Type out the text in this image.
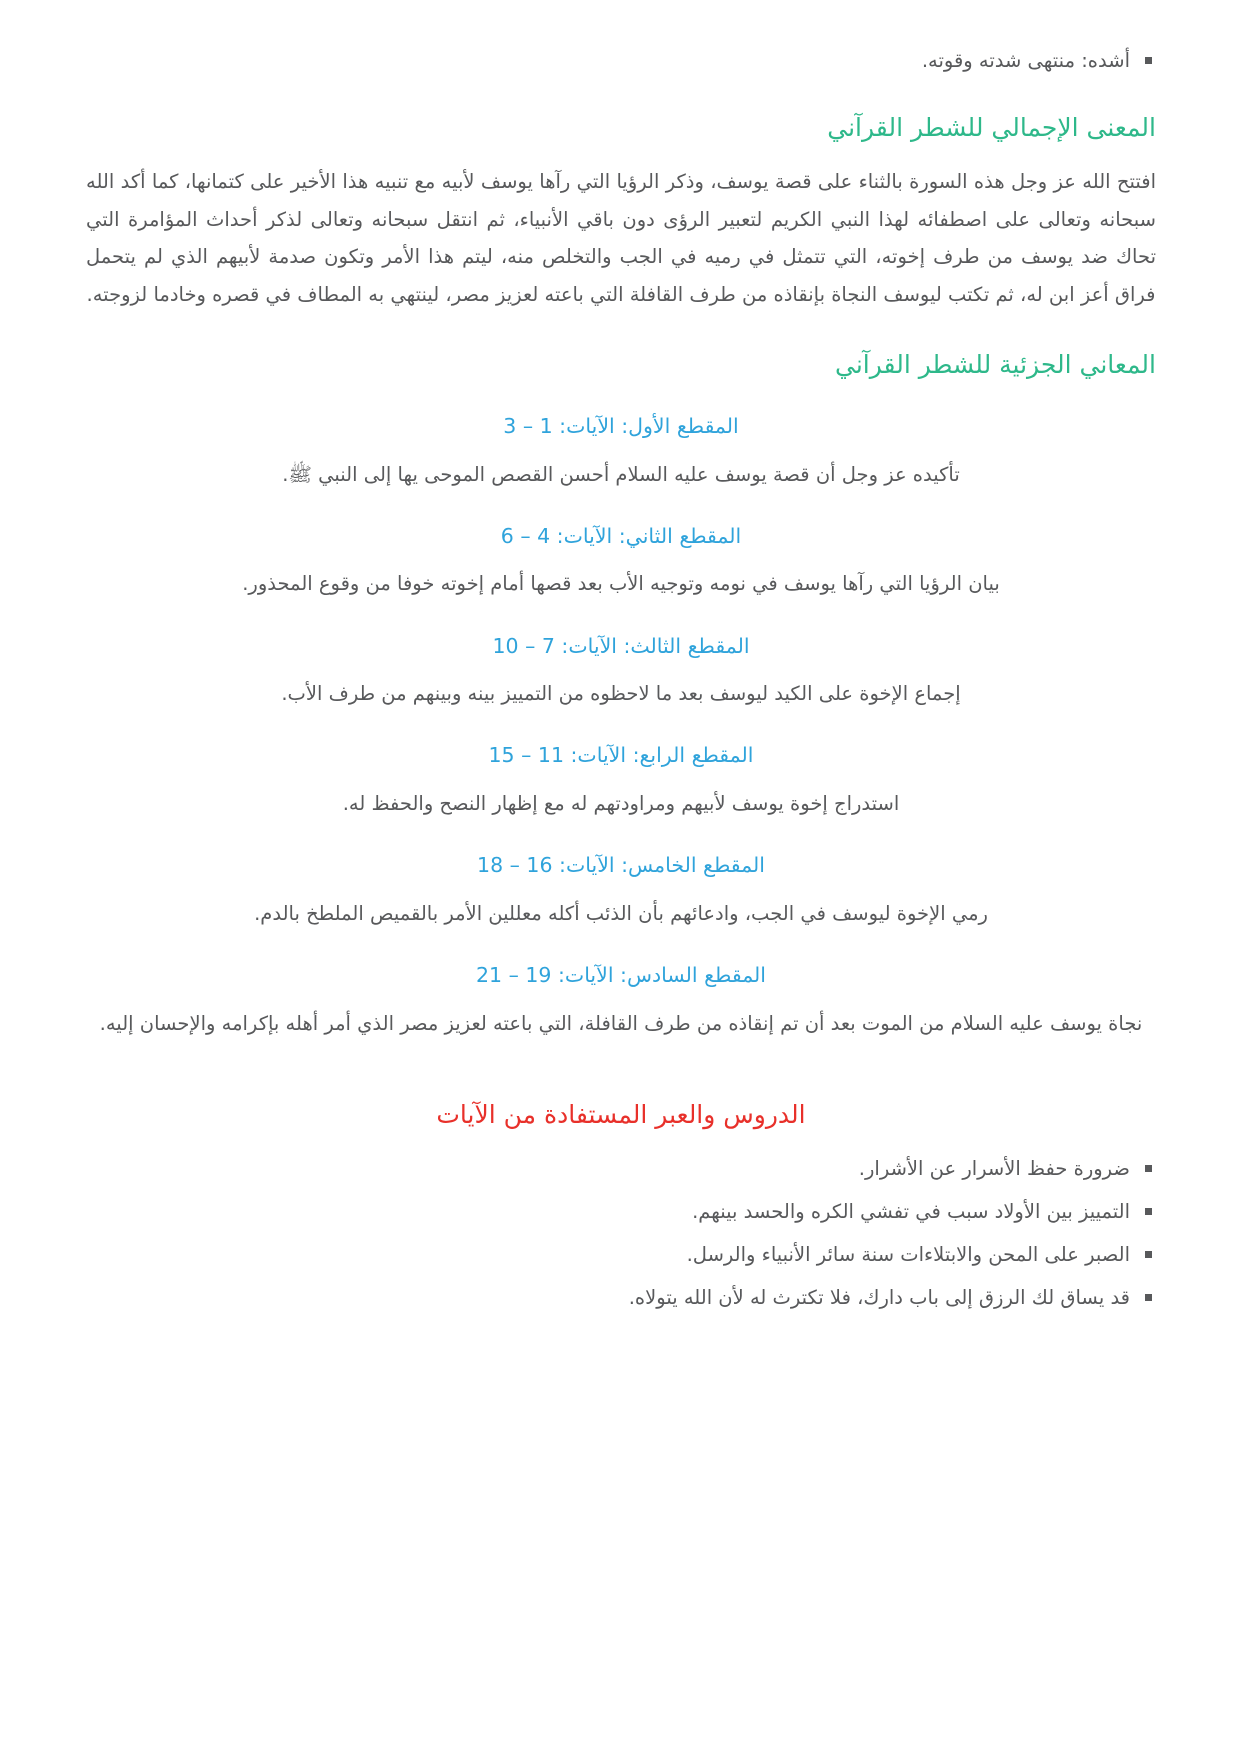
أشده: منتهى شدته وقوته.
المعنى الإجمالي للشطر القرآني

افتتح الله عز وجل هذه السورة بالثناء على قصة يوسف، وذكر الرؤيا التي رآها يوسف لأبيه مع تنبيه هذا الأخير على كتمانها، كما أكد الله سبحانه وتعالى على اصطفائه لهذا النبي الكريم لتعبير الرؤى دون باقي الأنبياء، ثم انتقل سبحانه وتعالى لذكر أحداث المؤامرة التي تحاك ضد يوسف من طرف إخوته، التي تتمثل في رميه في الجب والتخلص منه، ليتم هذا الأمر وتكون صدمة لأبيهم الذي لم يتحمل فراق أعز ابن له، ثم تكتب ليوسف النجاة بإنقاذه من طرف القافلة التي باعته لعزيز مصر، لينتهي به المطاف في قصره وخادما لزوجته.

المعاني الجزئية للشطر القرآني
المقطع الأول: الآيات: 1 – 3

تأكيده عز وجل أن قصة يوسف عليه السلام أحسن القصص الموحى يها إلى النبي ﷺ.

المقطع الثاني: الآيات: 4 – 6

بيان الرؤيا التي رآها يوسف في نومه وتوجيه الأب بعد قصها أمام إخوته خوفا من وقوع المحذور.

المقطع الثالث: الآيات: 7 – 10

إجماع الإخوة على الكيد ليوسف بعد ما لاحظوه من التمييز بينه وبينهم من طرف الأب.

المقطع الرابع: الآيات: 11 – 15

استدراج إخوة يوسف لأبيهم ومراودتهم له مع إظهار النصح والحفظ له.

المقطع الخامس: الآيات: 16 – 18

رمي الإخوة ليوسف في الجب، وادعائهم بأن الذئب أكله معللين الأمر بالقميص الملطخ بالدم.

المقطع السادس: الآيات: 19 – 21

نجاة يوسف عليه السلام من الموت بعد أن تم إنقاذه من طرف القافلة، التي باعته لعزيز مصر الذي أمر أهله بإكرامه والإحسان إليه.

الدروس والعبر المستفادة من الآيات
ضرورة حفظ الأسرار عن الأشرار.
التمييز بين الأولاد سبب في تفشي الكره والحسد بينهم.
الصبر على المحن والابتلاءات سنة سائر الأنبياء والرسل.
قد يساق لك الرزق إلى باب دارك، فلا تكترث له لأن الله يتولاه.
